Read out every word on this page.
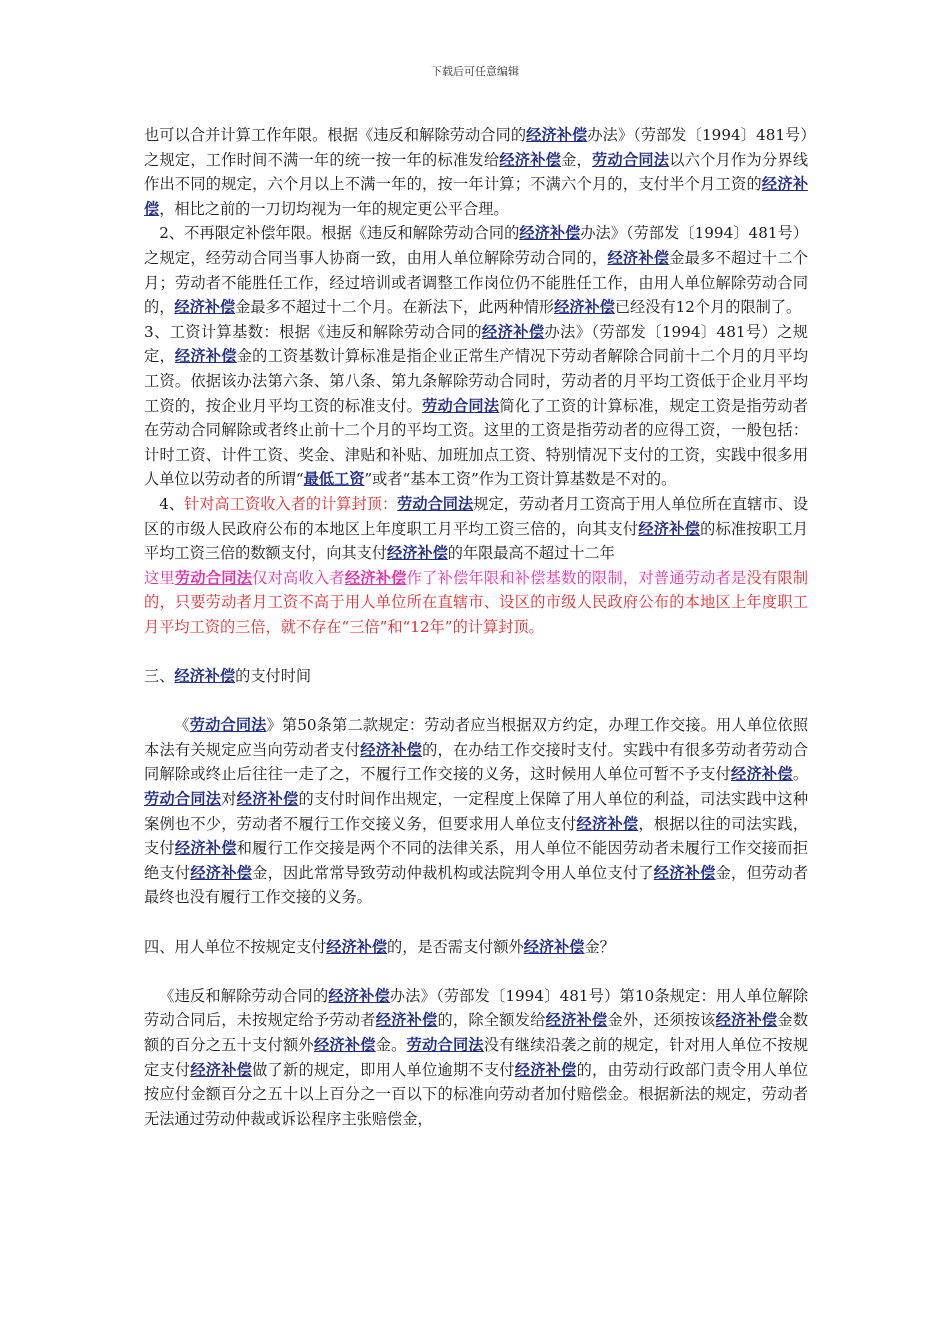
下载后可任意编辑

也可以合并计算工作年限。根据《违反和解除劳动合同的经济补偿办法》（劳部发〔1994〕481号）之规定，工作时间不满一年的统一按一年的标准发给经济补偿金，劳动合同法以六个月作为分界线作出不同的规定，六个月以上不满一年的，按一年计算；不满六个月的，支付半个月工资的经济补偿，相比之前的一刀切均视为一年的规定更公平合理。

2、不再限定补偿年限。根据《违反和解除劳动合同的经济补偿办法》（劳部发〔1994〕481号）之规定，经劳动合同当事人协商一致，由用人单位解除劳动合同的，经济补偿金最多不超过十二个月；劳动者不能胜任工作，经过培训或者调整工作岗位仍不能胜任工作，由用人单位解除劳动合同的，经济补偿金最多不超过十二个月。在新法下，此两种情形经济补偿已经没有12个月的限制了。

3、工资计算基数：根据《违反和解除劳动合同的经济补偿办法》（劳部发〔1994〕481号）之规定，经济补偿金的工资基数计算标准是指企业正常生产情况下劳动者解除合同前十二个月的月平均工资。依据该办法第六条、第八条、第九条解除劳动合同时，劳动者的月平均工资低于企业月平均工资的，按企业月平均工资的标准支付。劳动合同法简化了工资的计算标准，规定工资是指劳动者在劳动合同解除或者终止前十二个月的平均工资。这里的工资是指劳动者的应得工资，一般包括：计时工资、计件工资、奖金、津贴和补贴、加班加点工资、特别情况下支付的工资，实践中很多用人单位以劳动者的所谓“最低工资”或者“基本工资”作为工资计算基数是不对的。

4、针对高工资收入者的计算封顶：劳动合同法规定，劳动者月工资高于用人单位所在直辖市、设区的市级人民政府公布的本地区上年度职工月平均工资三倍的，向其支付经济补偿的标准按职工月平均工资三倍的数额支付，向其支付经济补偿的年限最高不超过十二年
这里劳动合同法仅对高收入者经济补偿作了补偿年限和补偿基数的限制，对普通劳动者是没有限制的，只要劳动者月工资不高于用人单位所在直辖市、设区的市级人民政府公布的本地区上年度职工月平均工资的三倍，就不存在“三倍”和“12年”的计算封顶。

三、经济补偿的支付时间

《劳动合同法》第50条第二款规定：劳动者应当根据双方约定，办理工作交接。用人单位依照本法有关规定应当向劳动者支付经济补偿的，在办结工作交接时支付。实践中有很多劳动者劳动合同解除或终止后往往一走了之，不履行工作交接的义务，这时候用人单位可暂不予支付经济补偿。劳动合同法对经济补偿的支付时间作出规定，一定程度上保障了用人单位的利益，司法实践中这种案例也不少，劳动者不履行工作交接义务，但要求用人单位支付经济补偿，根据以往的司法实践，支付经济补偿和履行工作交接是两个不同的法律关系，用人单位不能因劳动者未履行工作交接而拒绝支付经济补偿金，因此常常导致劳动仲裁机构或法院判令用人单位支付了经济补偿金，但劳动者最终也没有履行工作交接的义务。

四、用人单位不按规定支付经济补偿的，是否需支付额外经济补偿金？

《违反和解除劳动合同的经济补偿办法》（劳部发〔1994〕481号）第10条规定：用人单位解除劳动合同后，未按规定给予劳动者经济补偿的，除全额发给经济补偿金外，还须按该经济补偿金数额的百分之五十支付额外经济补偿金。劳动合同法没有继续沿袭之前的规定，针对用人单位不按规定支付经济补偿做了新的规定，即用人单位逾期不支付经济补偿的，由劳动行政部门责令用人单位按应付金额百分之五十以上百分之一百以下的标准向劳动者加付赔偿金。根据新法的规定，劳动者无法通过劳动仲裁或诉讼程序主张赔偿金，
